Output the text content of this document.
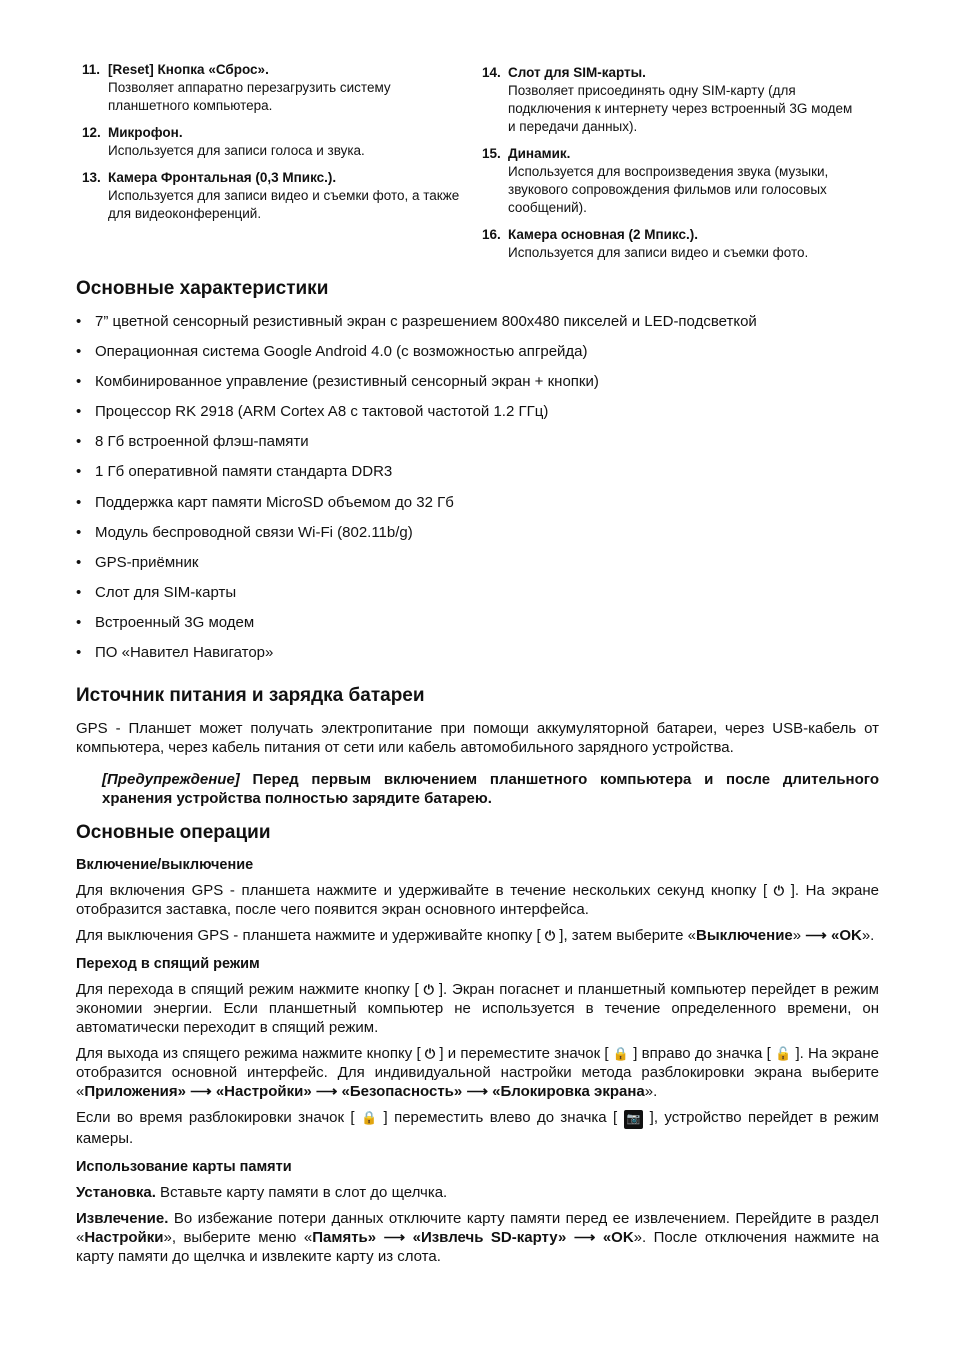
11. [Reset] Кнопка «Сброс».
Позволяет аппаратно перезагрузить систему планшетного компьютера.
12. Микрофон.
Используется для записи голоса и звука.
13. Камера Фронтальная (0,3 Мпикс.).
Используется для записи видео и съемки фото, а также для видеоконференций.
14. Слот для SIM-карты.
Позволяет присоединять одну SIM-карту (для подключения к интернету через встроенный 3G модем и передачи данных).
15. Динамик.
Используется для воспроизведения звука (музыки, звукового сопровождения фильмов или голосовых сообщений).
16. Камера основная (2 Мпикс.).
Используется для записи видео и съемки фото.
Основные характеристики
• 7” цветной сенсорный резистивный экран с разрешением 800x480 пикселей и LED-подсветкой
• Операционная система Google Android 4.0 (с возможностью апгрейда)
• Комбинированное управление (резистивный сенсорный экран + кнопки)
• Процессор RK 2918 (ARM Cortex A8 с тактовой частотой 1.2 ГГц)
• 8 Гб встроенной флэш-памяти
• 1 Гб оперативной памяти стандарта DDR3
• Поддержка карт памяти MicroSD объемом до 32 Гб
• Модуль беспроводной связи Wi-Fi (802.11b/g)
• GPS-приёмник
• Слот для SIM-карты
• Встроенный 3G модем
• ПО «Навител Навигатор»
Источник питания и зарядка батареи

GPS - Планшет может получать электропитание при помощи аккумуляторной батареи, через USB-кабель от компьютера, через кабель питания от сети или кабель автомобильного зарядного устройства.

[Предупреждение] Перед первым включением планшетного компьютера и после длительного хранения устройства полностью зарядите батарею.

Основные операции
Включение/выключение

Для включения GPS - планшета нажмите и удерживайте в течение нескольких секунд кнопку [ ⏻ ]. На экране отобразится заставка, после чего появится экран основного интерфейса.

Для выключения GPS - планшета нажмите и удерживайте кнопку [ ⏻ ], затем выберите «Выключение» ⟶ «OK».

Переход в спящий режим

Для перехода в спящий режим нажмите кнопку [ ⏻ ]. Экран погаснет и планшетный компьютер перейдет в режим экономии энергии. Если планшетный компьютер не используется в течение определенного времени, он автоматически переходит в спящий режим.

Для выхода из спящего режима нажмите кнопку [ ⏻ ] и переместите значок [ 🔒 ] вправо до значка [ 🔓 ]. На экране отобразится основной интерфейс. Для индивидуальной настройки метода разблокировки экрана выберите «Приложения» ⟶ «Настройки» ⟶ «Безопасность» ⟶ «Блокировка экрана».

Если во время разблокировки значок [ 🔒 ] переместить влево до значка [ 📷 ], устройство перейдет в режим камеры.

Использование карты памяти

Установка. Вставьте карту памяти в слот до щелчка.

Извлечение. Во избежание потери данных отключите карту памяти перед ее извлечением. Перейдите в раздел «Настройки», выберите меню «Память» ⟶ «Извлечь SD-карту» ⟶ «OK». После отключения нажмите на карту памяти до щелчка и извлеките карту из слота.
